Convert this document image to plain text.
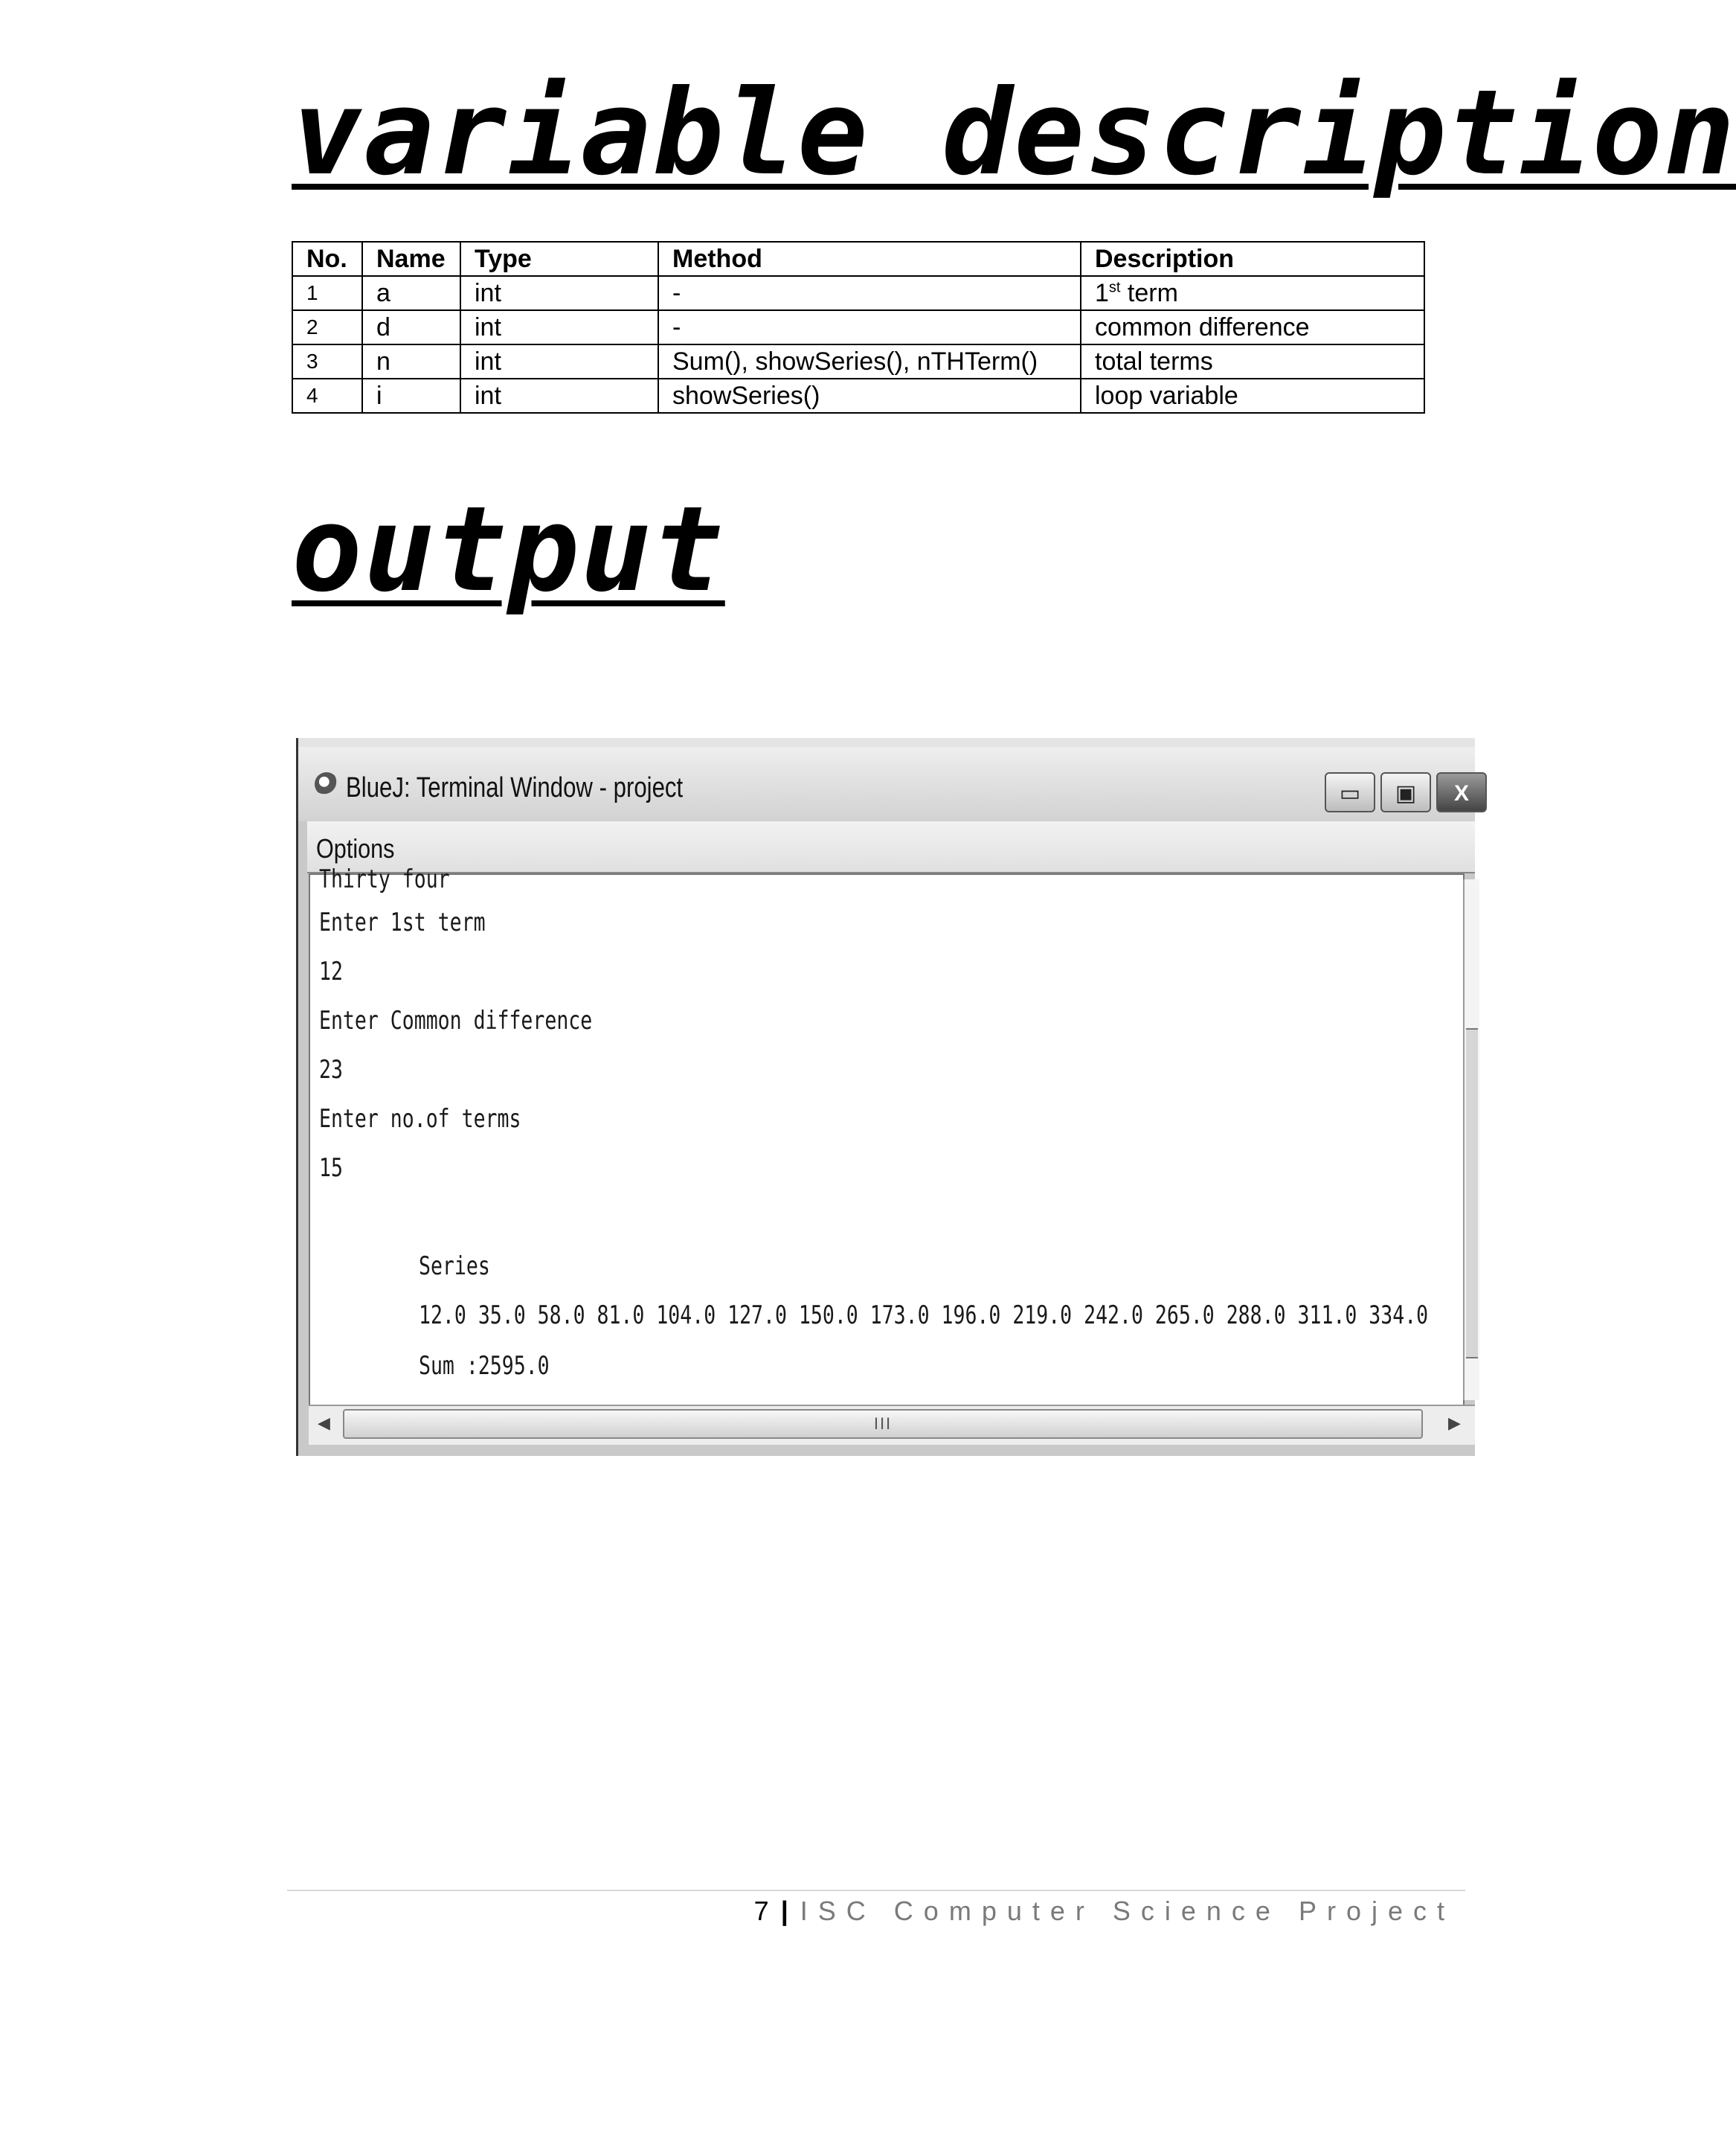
variable description
No.	Name	Type	Method	Description
1	a	int	-	1st term
2	d	int	-	common difference
3	n	int	Sum(), showSeries(), nTHTerm()	total terms
4	i	int	showSeries()	loop variable
output
BlueJ: Terminal Window - project	▭	▣	X
Options
Thirty four
Enter 1st term
12
Enter Common difference
23
Enter no.of terms
15
Series
12.0 35.0 58.0 81.0 104.0 127.0 150.0 173.0 196.0 219.0 242.0 265.0 288.0 311.0 334.0
Sum :2595.0
◀	III	▶
7 | ISC Computer Science Project
